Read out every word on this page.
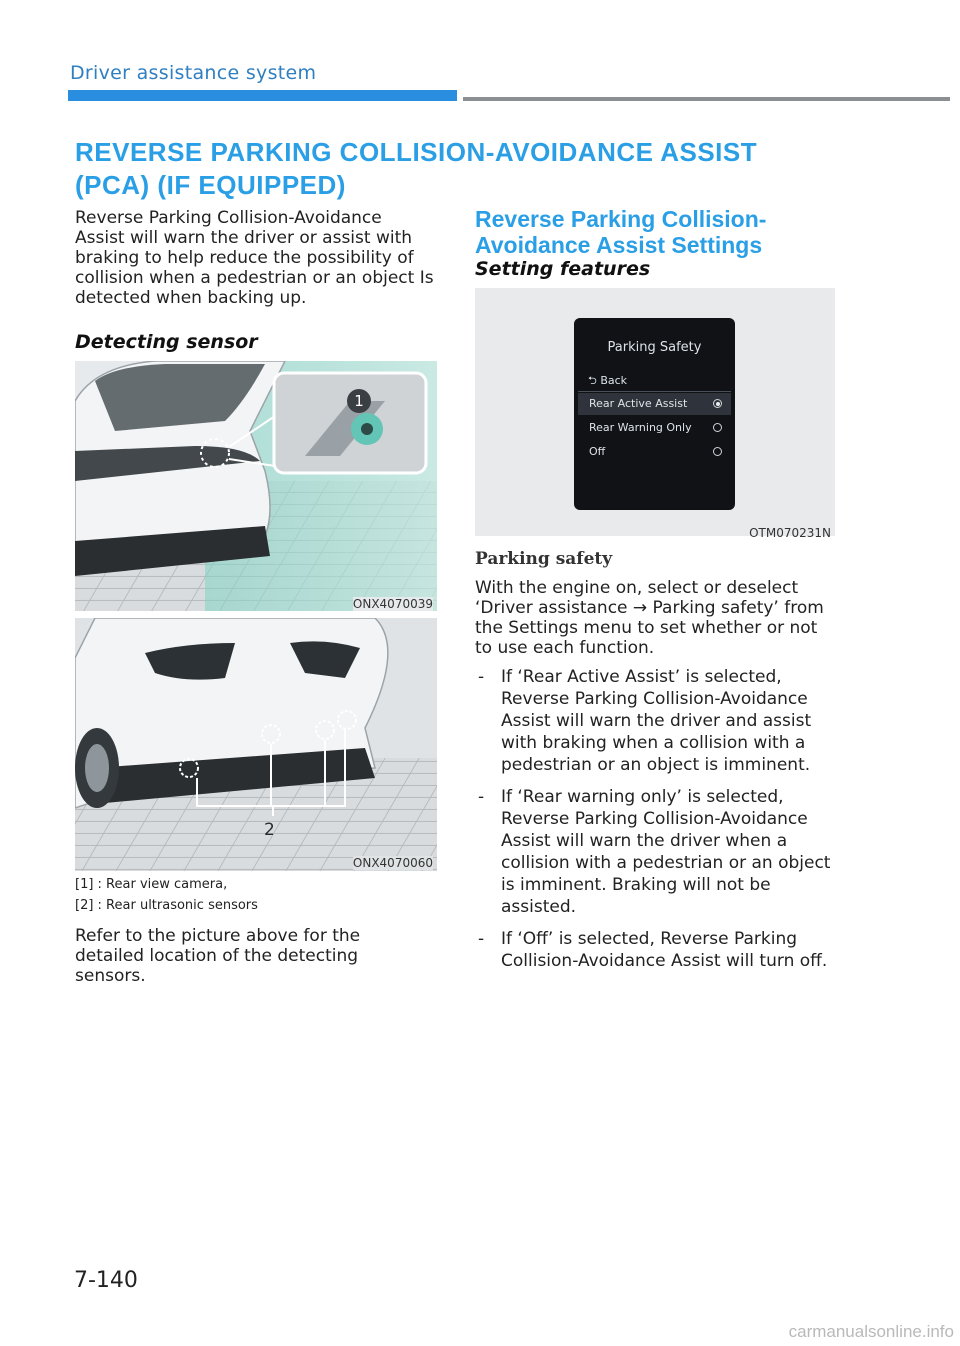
Driver assistance system
REVERSE PARKING COLLISION-AVOIDANCE ASSIST (PCA) (IF EQUIPPED)
Reverse Parking Collision-Avoidance Assist will warn the driver or assist with braking to help reduce the possibility of collision when a pedestrian or an object Is detected when backing up.
Detecting sensor
1
ONX4070039
2
ONX4070060
[1] : Rear view camera,
[2] : Rear ultrasonic sensors
Refer to the picture above for the detailed location of the detecting sensors.
Reverse Parking Collision-Avoidance Assist Settings
Setting features
Parking Safety
⮌ Back
Rear Active Assist
Rear Warning Only
Off
OTM070231N
Parking safety
With the engine on, select or deselect ‘Driver assistance → Parking safety’ from the Settings menu to set whether or not to use each function.
- If ‘Rear Active Assist’ is selected, Reverse Parking Collision-Avoidance Assist will warn the driver and assist with braking when a collision with a pedestrian or an object is imminent.
- If ‘Rear warning only’ is selected, Reverse Parking Collision-Avoidance Assist will warn the driver when a collision with a pedestrian or an object is imminent. Braking will not be assisted.
- If ‘Off’ is selected, Reverse Parking Collision-Avoidance Assist will turn off.
7-140
carmanualsonline.info
